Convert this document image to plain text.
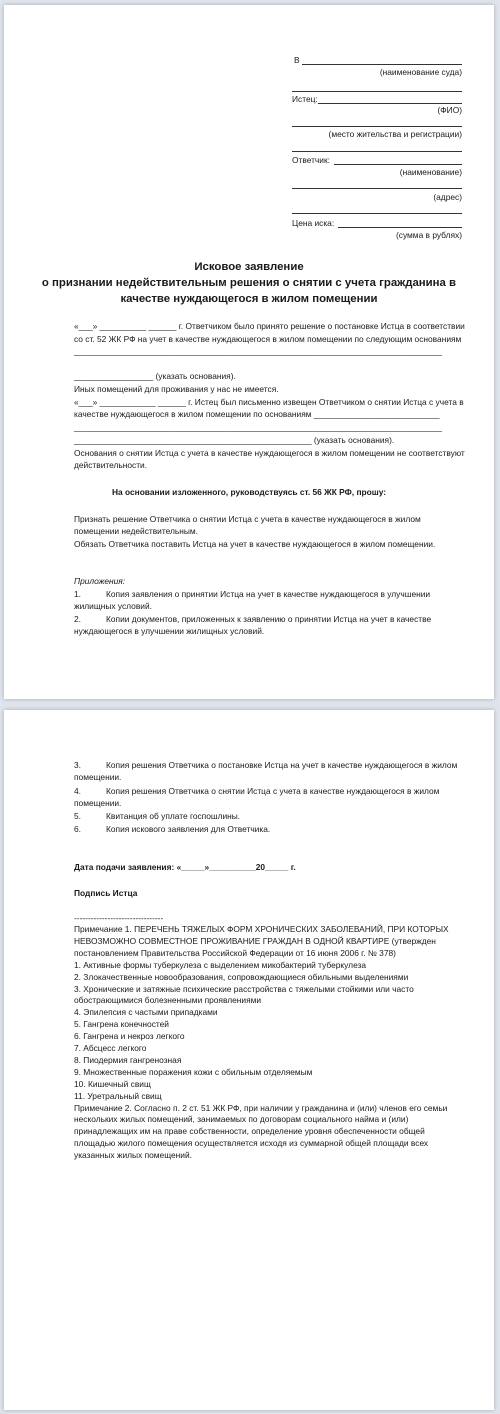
В
(наименование суда)
Истец:
(ФИО)
(место жительства и регистрации)
Ответчик:
(наименование)
(адрес)
Цена иска:
(сумма в рублях)
Исковое заявление
о признании недействительным решения о снятии с учета гражданина в
качестве нуждающегося в жилом помещении
«___» __________ ______ г. Ответчиком было принято решение о постановке Истца в соответствии
со ст. 52 ЖК РФ на учет в качестве нуждающегося в жилом помещении по следующим основаниям
_______________________________________________________________________________
_________________ (указать основания).
Иных помещений для проживания у нас не имеется.
«___» ____________ ______ г. Истец был письменно извещен Ответчиком о снятии Истца с учета в
качестве нуждающегося в жилом помещении по основаниям ___________________________
_______________________________________________________________________________
___________________________________________________ (указать основания).
Основания о снятии Истца с учета в качестве нуждающегося в жилом помещении не соответствуют
действительности.
На основании изложенного, руководствуясь ст. 56 ЖК РФ, прошу:
Признать решение Ответчика о снятии Истца с учета в качестве нуждающегося в жилом
помещении недействительным.
Обязать Ответчика поставить Истца на учет в качестве нуждающегося в жилом помещении.
Приложения:
1.	Копия заявления о принятии Истца на учет в качестве нуждающегося в улучшении
жилищных условий.
2.	Копии документов, приложенных к заявлению о принятии Истца на учет в качестве
нуждающегося в улучшении жилищных условий.
3.	Копия решения Ответчика о постановке Истца на учет в качестве нуждающегося в жилом
помещении.
4.	Копия решения Ответчика о снятии Истца с учета в качестве нуждающегося в жилом
помещении.
5.	Квитанция об уплате госпошлины.
6.	Копия искового заявления для Ответчика.
Дата подачи заявления: «_____»__________20_____ г.
Подпись Истца
--------------------------------
Примечание 1. ПЕРЕЧЕНЬ ТЯЖЕЛЫХ ФОРМ ХРОНИЧЕСКИХ ЗАБОЛЕВАНИЙ, ПРИ КОТОРЫХ
НЕВОЗМОЖНО СОВМЕСТНОЕ ПРОЖИВАНИЕ ГРАЖДАН В ОДНОЙ КВАРТИРЕ (утвержден
постановлением Правительства Российской Федерации от 16 июня 2006 г. № 378)
1. Активные формы туберкулеза с выделением микобактерий туберкулеза
2. Злокачественные новообразования, сопровождающиеся обильными выделениями
3. Хронические и затяжные психические расстройства с тяжелыми стойкими или часто
обострающимися болезненными проявлениями
4. Эпилепсия с частыми припадками
5. Гангрена конечностей
6. Гангрена и некроз легкого
7. Абсцесс легкого
8. Пиодермия гангренозная
9. Множественные поражения кожи с обильным отделяемым
10. Кишечный свищ
11. Уретральный свищ
Примечание 2. Согласно п. 2 ст. 51 ЖК РФ, при наличии у гражданина и (или) членов его семьи
нескольких жилых помещений, занимаемых по договорам социального найма и (или)
принадлежащих им на праве собственности, определение уровня обеспеченности общей
площадью жилого помещения осуществляется исходя из суммарной общей площади всех
указанных жилых помещений.
